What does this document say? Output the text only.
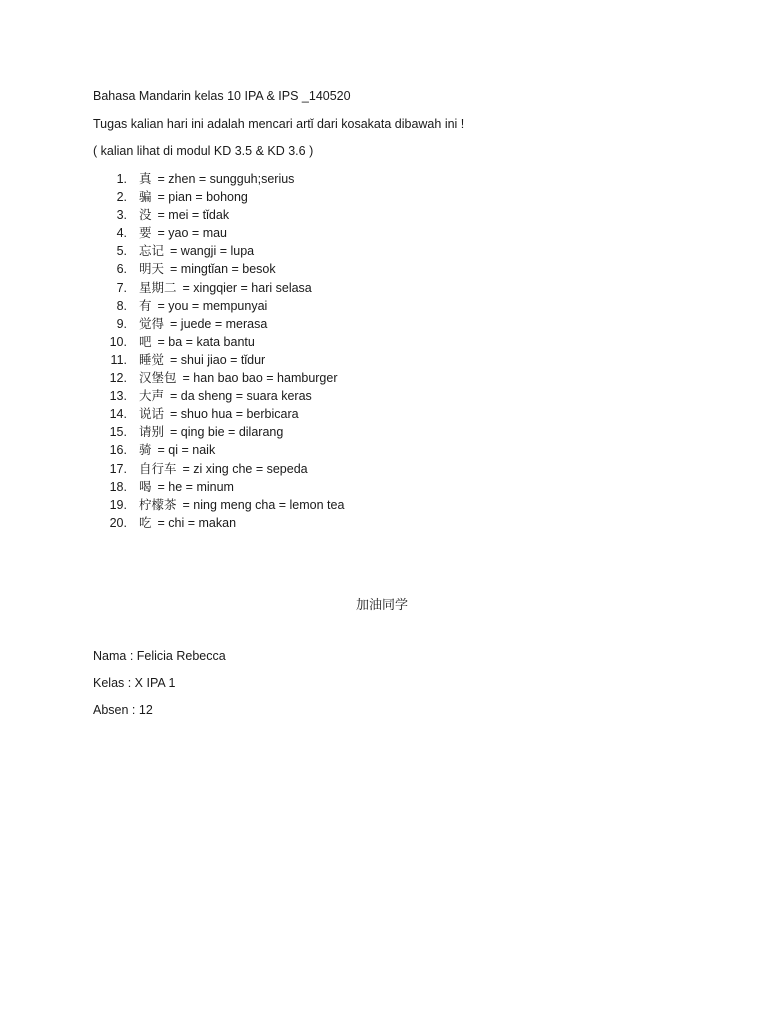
Bahasa Mandarin kelas 10 IPA & IPS _140520

Tugas kalian hari ini adalah mencari artǐ dari kosakata dibawah ini !

( kalian lihat di modul KD 3.5 & KD 3.6 )

1. 真 = zhen = sungguh;serius
2. 骗 = pian = bohong
3. 没 = mei = tǐdak
4. 要 = yao = mau
5. 忘记 = wangji = lupa
6. 明天 = mingtǐan = besok
7. 星期二 = xingqier = hari selasa
8. 有 = you = mempunyai
9. 觉得 = juede = merasa
10. 吧 = ba = kata bantu
11. 睡觉 = shui jiao = tǐdur
12. 汉堡包 = han bao bao = hamburger
13. 大声 = da sheng = suara keras
14. 说话 = shuo hua = berbicara
15. 请别 = qing bie = dilarang
16. 骑 = qi = naik
17. 自行车 = zi xing che = sepeda
18. 喝 = he = minum
19. 柠檬茶 = ning meng cha = lemon tea
20. 吃 = chi = makan
加油同学
Nama : Felicia Rebecca
Kelas : X IPA 1
Absen : 12
